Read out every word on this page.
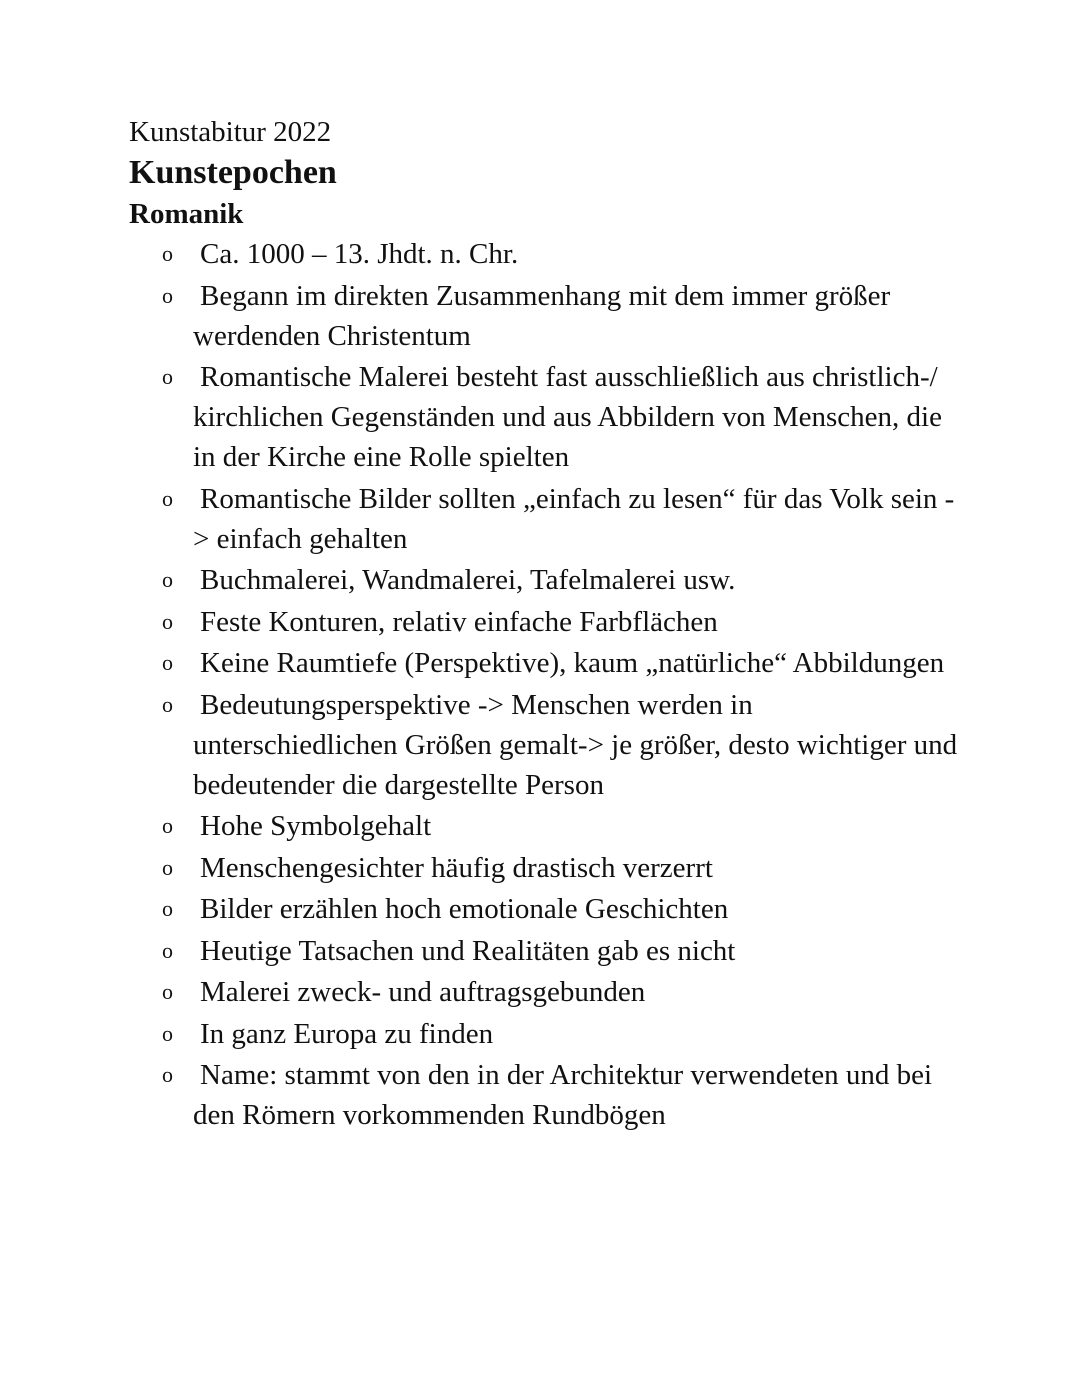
Kunstabitur 2022

Kunstepochen
Romanik
o Ca. 1000 – 13. Jhdt. n. Chr.
o Begann im direkten Zusammenhang mit dem immer größer werdenden Christentum
o Romantische Malerei besteht fast ausschließlich aus christlich-/ kirchlichen Gegenständen und aus Abbildern von Menschen, die in der Kirche eine Rolle spielten
o Romantische Bilder sollten „einfach zu lesen“ für das Volk sein -> einfach gehalten
o Buchmalerei, Wandmalerei, Tafelmalerei usw.
o Feste Konturen, relativ einfache Farbflächen
o Keine Raumtiefe (Perspektive), kaum „natürliche“ Abbildungen
o Bedeutungsperspektive -> Menschen werden in unterschiedlichen Größen gemalt-> je größer, desto wichtiger und bedeutender die dargestellte Person
o Hohe Symbolgehalt
o Menschengesichter häufig drastisch verzerrt
o Bilder erzählen hoch emotionale Geschichten
o Heutige Tatsachen und Realitäten gab es nicht
o Malerei zweck- und auftragsgebunden
o In ganz Europa zu finden
o Name: stammt von den in der Architektur verwendeten und bei den Römern vorkommenden Rundbögen
